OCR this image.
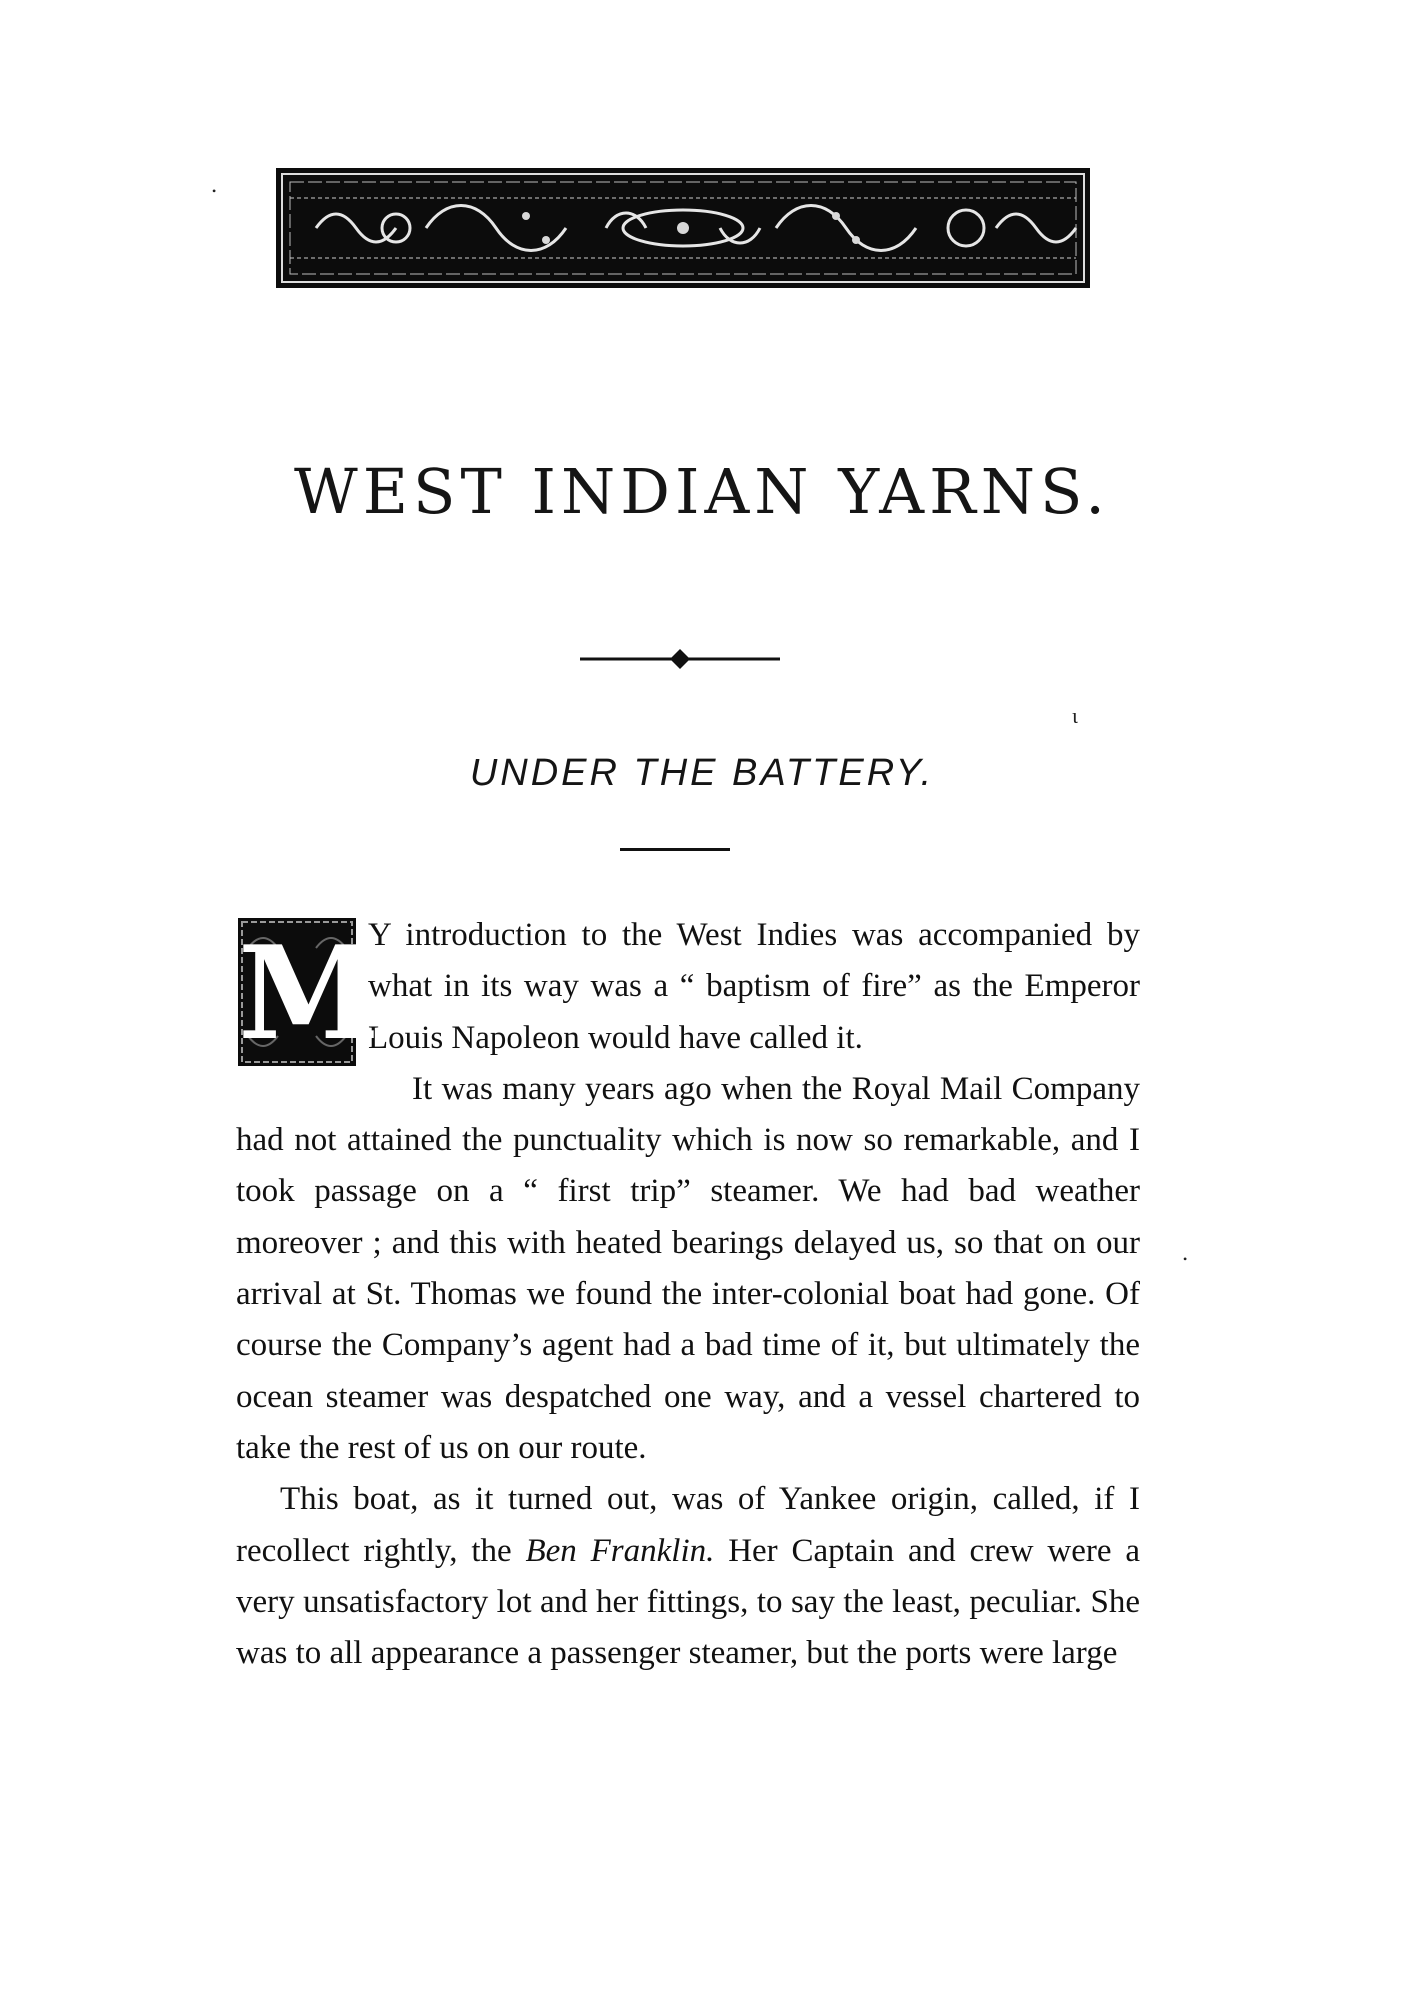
•
ɩ
•
WEST INDIAN YARNS.
UNDER THE BATTERY.

M
Y introduction to the West Indies was accompanied by what in its way was a “ baptism of fire” as the Emperor Louis Napoleon would have called it.

It was many years ago when the Royal Mail Company had not attained the punctuality which is now so remarkable, and I took passage on a “ first trip” steamer. We had bad weather moreover ; and this with heated bearings delayed us, so that on our arrival at St. Thomas we found the inter-colonial boat had gone. Of course the Company’s agent had a bad time of it, but ultimately the ocean steamer was despatched one way, and a vessel chartered to take the rest of us on our route.

This boat, as it turned out, was of Yankee origin, called, if I recollect rightly, the Ben Franklin. Her Captain and crew were a very unsatisfactory lot and her fittings, to say the least, peculiar. She was to all appearance a passenger steamer, but the ports were large
